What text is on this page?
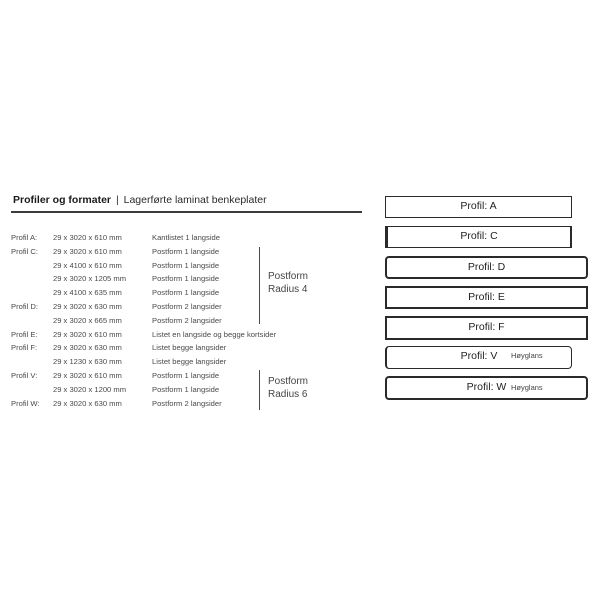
Profiler og formater | Lagerførte laminat benkeplater
Profil A: 29 x 3020 x 610 mm	Kantlistet 1 langside
Profil C: 29 x 3020 x 610 mm	Postform 1 langside
29 x 4100 x 610 mm	Postform 1 langside
29 x 3020 x 1205 mm	Postform 1 langside
29 x 4100 x 635 mm	Postform 1 langside
Profil D: 29 x 3020 x 630 mm	Postform 2 langsider
29 x 3020 x 665 mm	Postform 2 langsider
Profil E: 29 x 3020 x 610 mm	Listet en langside og begge kortsider
Profil F: 29 x 3020 x 630 mm	Listet begge langsider
29 x 1230 x 630 mm	Listet begge langsider
Profil V: 29 x 3020 x 610 mm	Postform 1 langside
29 x 3020 x 1200 mm	Postform 1 langside
Profil W: 29 x 3020 x 630 mm	Postform 2 langsider
Postform
Radius 4
Postform
Radius 6
Profil: A
Profil: C
Profil: D
Profil: E
Profil: F
Profil: V Høyglans
Profil: W Høyglans
